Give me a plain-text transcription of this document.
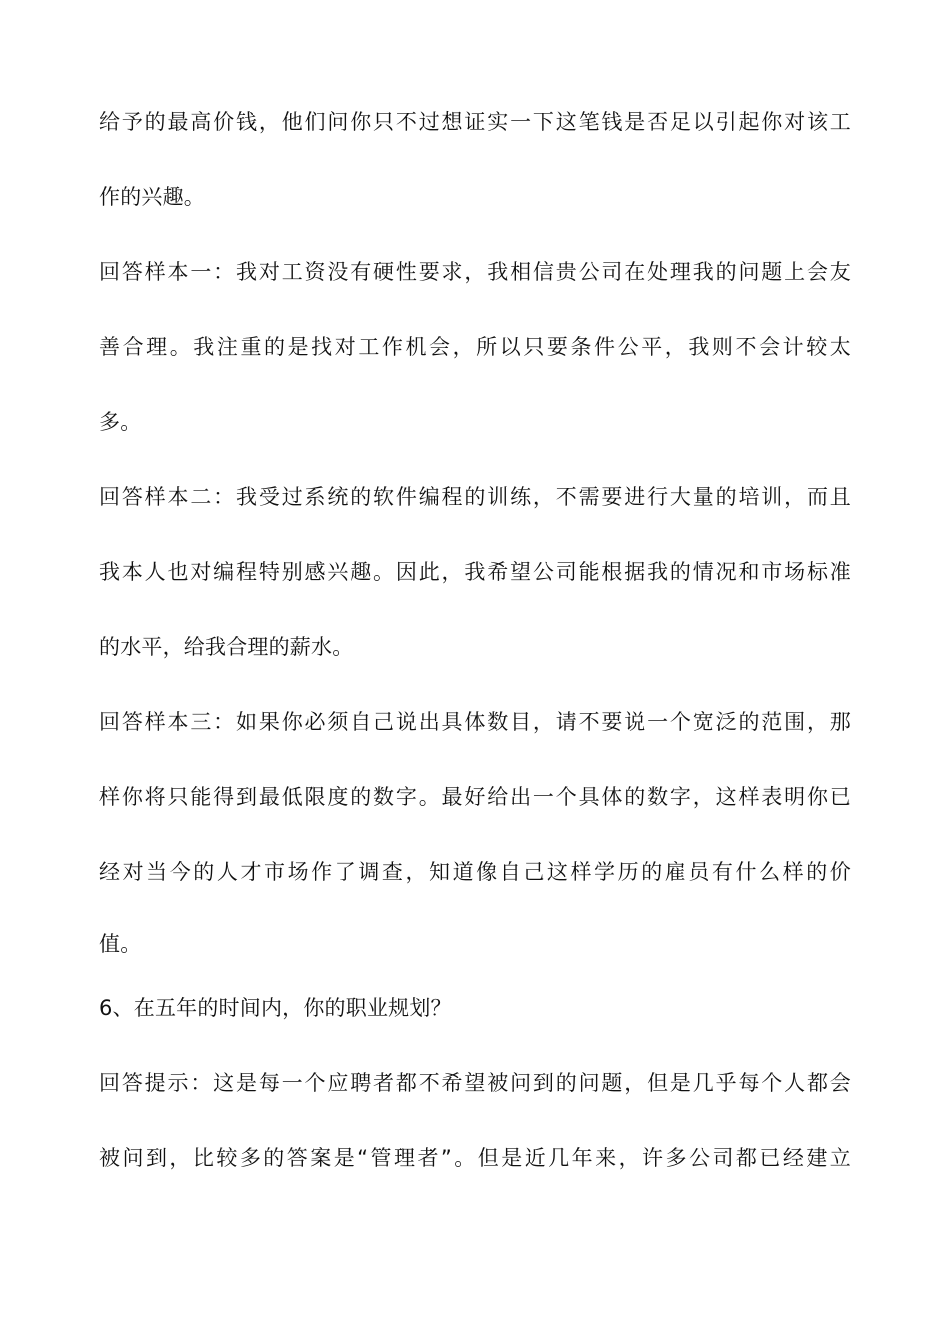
给予的最高价钱，他们问你只不过想证实一下这笔钱是否足以引起你对该工
作的兴趣。
回答样本一：我对工资没有硬性要求，我相信贵公司在处理我的问题上会友
善合理。我注重的是找对工作机会，所以只要条件公平，我则不会计较太
多。
回答样本二：我受过系统的软件编程的训练，不需要进行大量的培训，而且
我本人也对编程特别感兴趣。因此，我希望公司能根据我的情况和市场标准
的水平，给我合理的薪水。
回答样本三：如果你必须自己说出具体数目，请不要说一个宽泛的范围，那
样你将只能得到最低限度的数字。最好给出一个具体的数字，这样表明你已
经对当今的人才市场作了调查，知道像自己这样学历的雇员有什么样的价
值。
6、在五年的时间内，你的职业规划？
回答提示：这是每一个应聘者都不希望被问到的问题，但是几乎每个人都会
被问到，比较多的答案是“管理者”。但是近几年来，许多公司都已经建立
